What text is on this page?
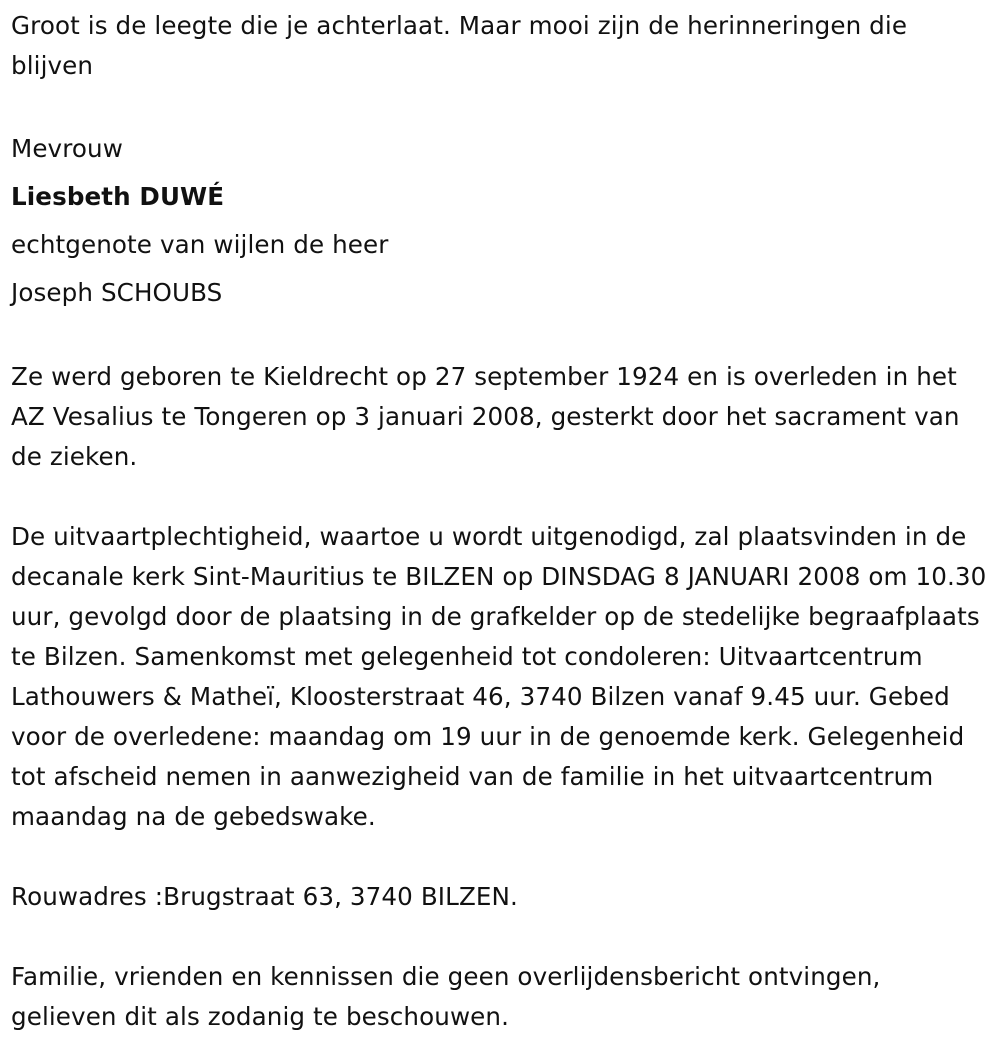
Groot is de leegte die je achterlaat. Maar mooi zijn de herinneringen die blijven

Mevrouw

Liesbeth DUWÉ

echtgenote van wijlen de heer

Joseph SCHOUBS

Ze werd geboren te Kieldrecht op 27 september 1924 en is overleden in het AZ Vesalius te Tongeren op 3 januari 2008, gesterkt door het sacrament van de zieken.

De uitvaartplechtigheid, waartoe u wordt uitgenodigd, zal plaatsvinden in de decanale kerk Sint-Mauritius te BILZEN op DINSDAG 8 JANUARI 2008 om 10.30 uur, gevolgd door de plaatsing in de grafkelder op de stedelijke begraafplaats te Bilzen. Samenkomst met gelegenheid tot condoleren: Uitvaartcentrum Lathouwers & Matheï, Kloosterstraat 46, 3740 Bilzen vanaf 9.45 uur. Gebed voor de overledene: maandag om 19 uur in de genoemde kerk. Gelegenheid tot afscheid nemen in aanwezigheid van de familie in het uitvaartcentrum maandag na de gebedswake.

Rouwadres :Brugstraat 63, 3740 BILZEN.

Familie, vrienden en kennissen die geen overlijdensbericht ontvingen, gelieven dit als zodanig te beschouwen.
